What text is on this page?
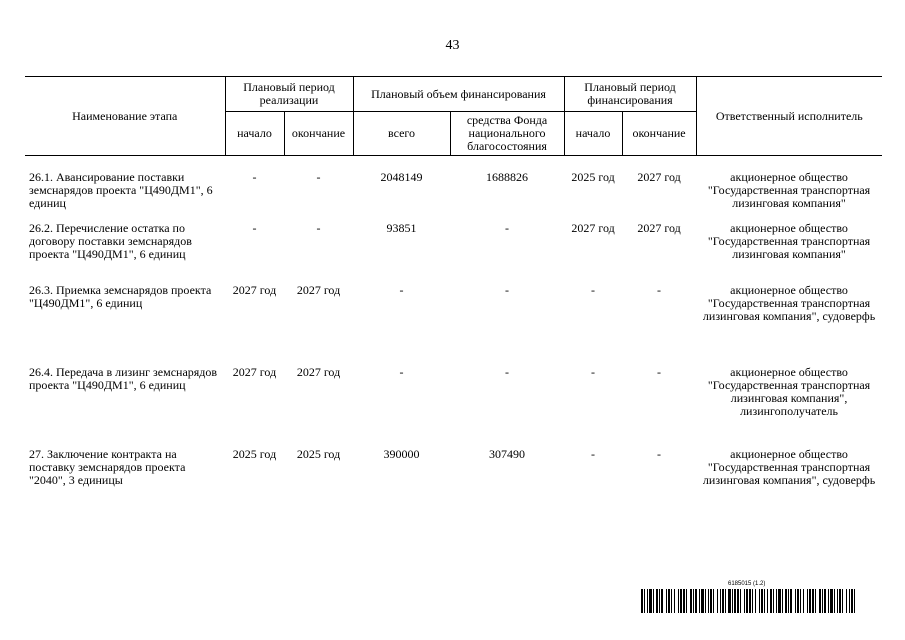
43
Наименование этапа	Плановый период реализации		Плановый объем финансирования		Плановый период финансирования		Ответственный исполнитель
	начало	окончание	всего	средства Фонда национального благосостояния	начало	окончание	
26.1. Авансирование поставки земснарядов проекта "Ц490ДМ1", 6 единиц	-	-	2048149	1688826	2025 год	2027 год	акционерное общество "Государственная транспортная лизинговая компания"
26.2. Перечисление остатка по договору поставки земснарядов проекта "Ц490ДМ1", 6 единиц	-	-	93851	-	2027 год	2027 год	акционерное общество "Государственная транспортная лизинговая компания"
26.3. Приемка земснарядов проекта "Ц490ДМ1", 6 единиц	2027 год	2027 год	-	-	-	-	акционерное общество "Государственная транспортная лизинговая компания", судоверфь
26.4. Передача в лизинг земснарядов проекта "Ц490ДМ1", 6 единиц	2027 год	2027 год	-	-	-	-	акционерное общество "Государственная транспортная лизинговая компания", лизингополучатель
27. Заключение контракта на поставку земснарядов проекта "2040", 3 единицы	2025 год	2025 год	390000	307490	-	-	акционерное общество "Государственная транспортная лизинговая компания", судоверфь
6185015 (1.2)
